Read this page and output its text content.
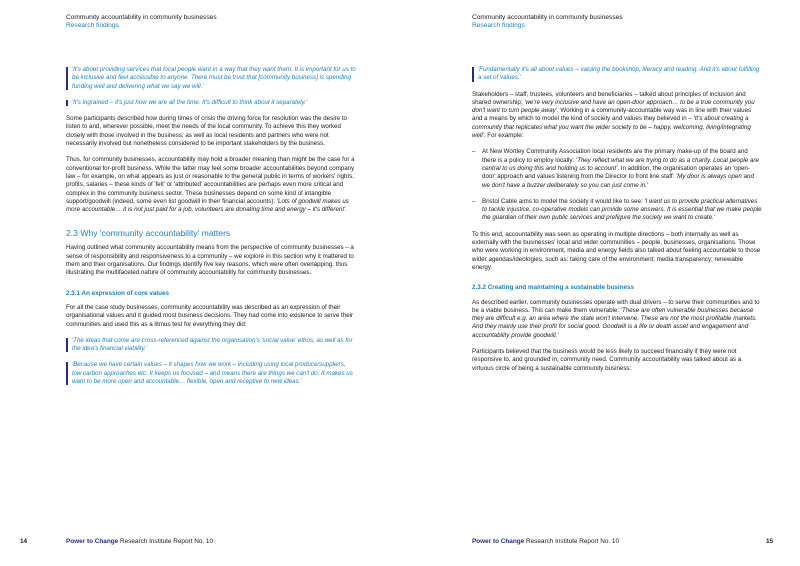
Community accountability in community businesses
Research findings
'It's about providing services that local people want in a way that they want them. It is important for us to be inclusive and feel accessible to anyone. There must be trust that [community business] is spending funding well and delivering what we say we will.'
'It's ingrained – it's just how we are all the time. It's difficult to think about it separately.'

Some participants described how during times of crisis the driving force for resolution was the desire to listen to and, wherever possible, meet the needs of the local community. To achieve this they worked closely with those involved in the business, as well as local residents and partners who were not necessarily involved but nonetheless considered to be important stakeholders by the business.

Thus, for community businesses, accountability may hold a broader meaning than might be the case for a conventional for-profit business. While the latter may feel some broader accountabilities beyond company law – for example, on what appears as just or reasonable to the general public in terms of workers' rights, profits, salaries – these kinds of 'felt' or 'attributed' accountabilities are perhaps even more critical and complex in the community business sector. These businesses depend on some kind of intangible support/goodwill (indeed, some even list goodwill in their financial accounts): 'Lots of goodwill makes us more accountable… it is not just paid for a job, volunteers are donating time and energy – it's different'.

2.3 Why 'community accountability' matters

Having outlined what community accountability means from the perspective of community businesses – a sense of responsibility and responsiveness to a community – we explore in this section why it mattered to them and their organisations. Our findings identify five key reasons, which were often overlapping, thus illustrating the multifaceted nature of community accountability for community businesses.

2.3.1 An expression of core values

For all the case study businesses, community accountability was described as an expression of their organisational values and it guided most business decisions. They had come into existence to serve their communities and used this as a litmus test for everything they did:

'The ideas that come are cross-referenced against the organisation's 'social value' ethos, as well as for the idea's financial viability.'
'Because we have certain values – it shapes how we work – including using local produce/suppliers, low carbon approaches etc. It keeps us focused – and means there are things we can't do. It makes us want to be more open and accountable… flexible, open and receptive to new ideas.'
14	Power to Change Research Institute Report No. 10
Community accountability in community businesses
Research findings
'Fundamentally it's all about values – valuing the bookshop, literacy and reading. And it's about fulfilling a set of values.'

Stakeholders – staff, trustees, volunteers and beneficiaries – talked about principles of inclusion and shared ownership: 'we're very inclusive and have an open-door approach… to be a true community you don't want to turn people away'. Working in a community-accountable way was in line with their values and a means by which to model the kind of society and values they believed in – 'It's about creating a community that replicates what you want the wider society to be – happy, welcoming, living/integrating well'. For example:

– At New Wortley Community Association local residents are the primary make-up of the board and there is a policy to employ locally: 'They reflect what we are trying to do as a charity. Local people are central to us doing this and holding us to account'. In addition, the organisation operates an 'open-door' approach and values listening from the Director to front line staff: 'My door is always open and we don't have a buzzer deliberately so you can just come in.'
– Bristol Cable aims to model the society it would like to see: 'I want us to provide practical alternatives to tackle injustice, co-operative models can provide some answers. It is essential that we make people the guardian of their own public services and prefigure the society we want to create.'

To this end, accountability was seen as operating in multiple directions – both internally as well as externally with the businesses' local and wider communities – people, businesses, organisations. Those who were working in environment, media and energy fields also talked about feeling accountable to those wider agendas/ideologies, such as: taking care of the environment; media transparency; renewable energy.

2.3.2 Creating and maintaining a sustainable business

As described earlier, community businesses operate with dual drivers – to serve their communities and to be a viable business. This can make them vulnerable: 'These are often vulnerable businesses because they are difficult e.g. an area where the state won't intervene. These are not the most profitable markets. And they mainly use their profit for social good. Goodwill is a life or death asset and engagement and accountability provide goodwill.'

Participants believed that the business would be less likely to succeed financially if they were not responsive to, and grounded in, community need. Community accountability was talked about as a virtuous circle of being a sustainable community business:

Power to Change Research Institute Report No. 10	15
